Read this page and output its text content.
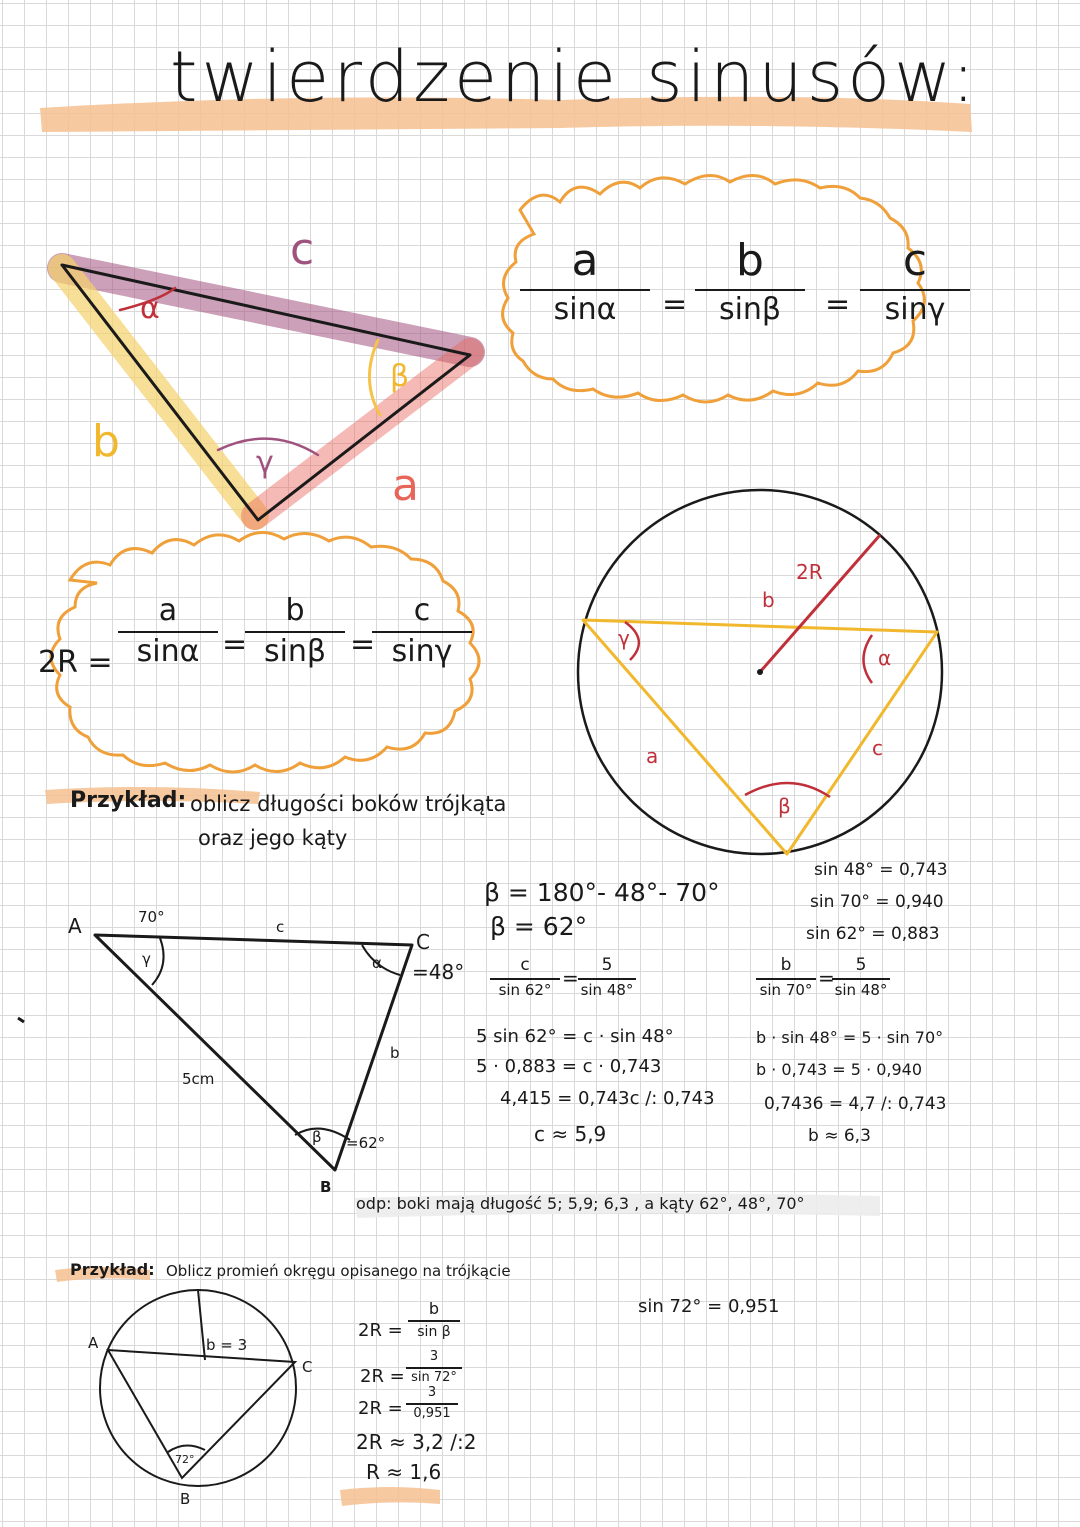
twierdzenie sinusów:
c
b
a
α
β
γ
a
sinα	=
b
sinβ	=
c
sinγ
2R =
a
sinα =
b
sinβ =
c
sinγ
2R
b
γ
α
a	c
β
Przykład: oblicz długości boków trójkąta
oraz jego kąty
A	70°
γ
c
C
=48°
α
b
5cm
β =62°
B
β = 180°- 48°- 70°
β = 62°
c
sin 62° =
5
sin 48°
5 sin 62° = c · sin 48°
5 · 0,883 = c · 0,743
4,415 = 0,743c /: 0,743
c ≈ 5,9
sin 48° = 0,743
sin 70° = 0,940
sin 62° = 0,883
b
sin 70° =
5
sin 48°
b · sin 48° = 5 · sin 70°
b · 0,743 = 5 · 0,940
0,7436 = 4,7 /: 0,743
b ≈ 6,3
odp: boki mają długość 5; 5,9; 6,3 , a kąty 62°, 48°, 70°
Przykład: Oblicz promień okręgu opisanego na trójkącie
A	b = 3
C
72°
B
2R =
b
sin β
2R =
3
sin 72°
2R =
3
0,951
2R ≈ 3,2 /:2
R ≈ 1,6
sin 72° = 0,951
